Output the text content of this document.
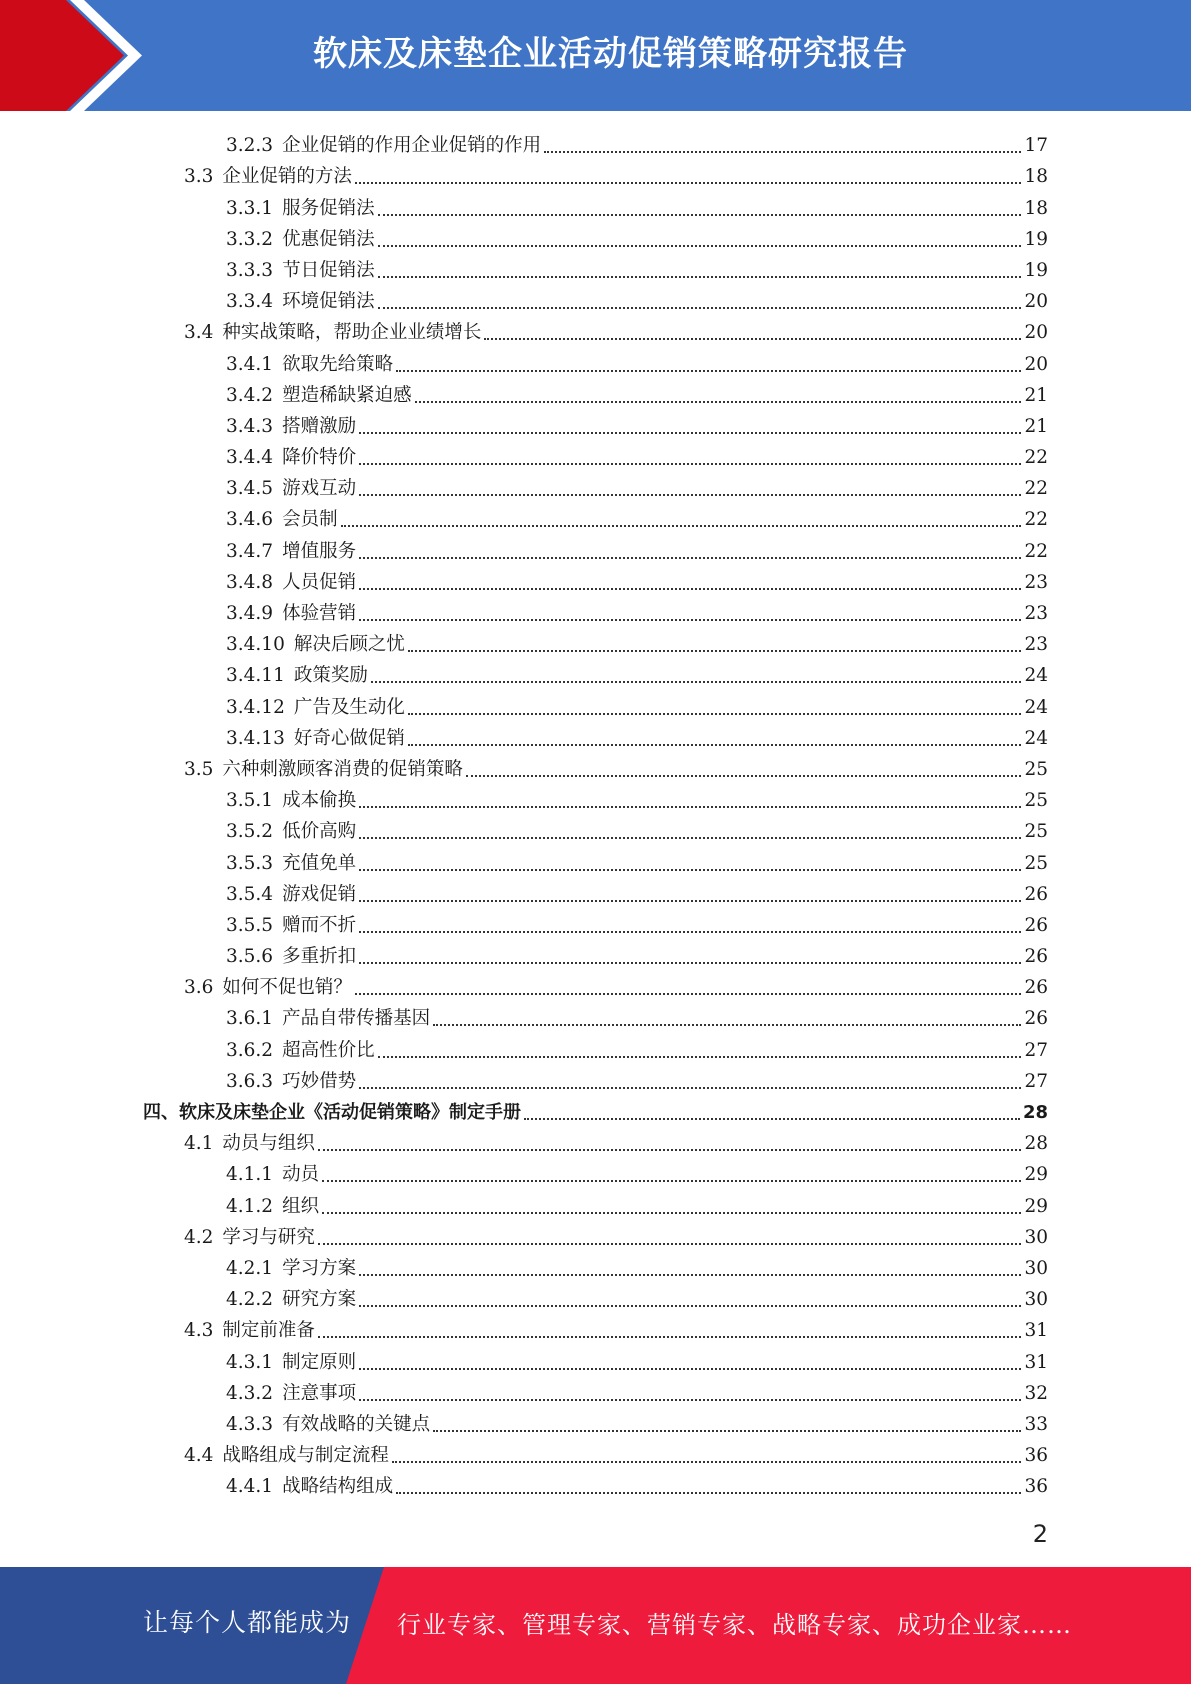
软床及床垫企业活动促销策略研究报告
3.2.3 企业促销的作用企业促销的作用	17
3.3 企业促销的方法	18
3.3.1 服务促销法	18
3.3.2 优惠促销法	19
3.3.3 节日促销法	19
3.3.4 环境促销法	20
3.4 种实战策略，帮助企业业绩增长	20
3.4.1 欲取先给策略	20
3.4.2 塑造稀缺紧迫感	21
3.4.3 搭赠激励	21
3.4.4 降价特价	22
3.4.5 游戏互动	22
3.4.6 会员制	22
3.4.7 增值服务	22
3.4.8 人员促销	23
3.4.9 体验营销	23
3.4.10 解决后顾之忧	23
3.4.11 政策奖励	24
3.4.12 广告及生动化	24
3.4.13 好奇心做促销	24
3.5 六种刺激顾客消费的促销策略	25
3.5.1 成本偷换	25
3.5.2 低价高购	25
3.5.3 充值免单	25
3.5.4 游戏促销	26
3.5.5 赠而不折	26
3.5.6 多重折扣	26
3.6 如何不促也销？	26
3.6.1 产品自带传播基因	26
3.6.2 超高性价比	27
3.6.3 巧妙借势	27
四、软床及床垫企业《活动促销策略》制定手册	28
4.1 动员与组织	28
4.1.1 动员	29
4.1.2 组织	29
4.2 学习与研究	30
4.2.1 学习方案	30
4.2.2 研究方案	30
4.3 制定前准备	31
4.3.1 制定原则	31
4.3.2 注意事项	32
4.3.3 有效战略的关键点	33
4.4 战略组成与制定流程	36
4.4.1 战略结构组成	36
2
让每个人都能成为 行业专家、管理专家、营销专家、战略专家、成功企业家……
